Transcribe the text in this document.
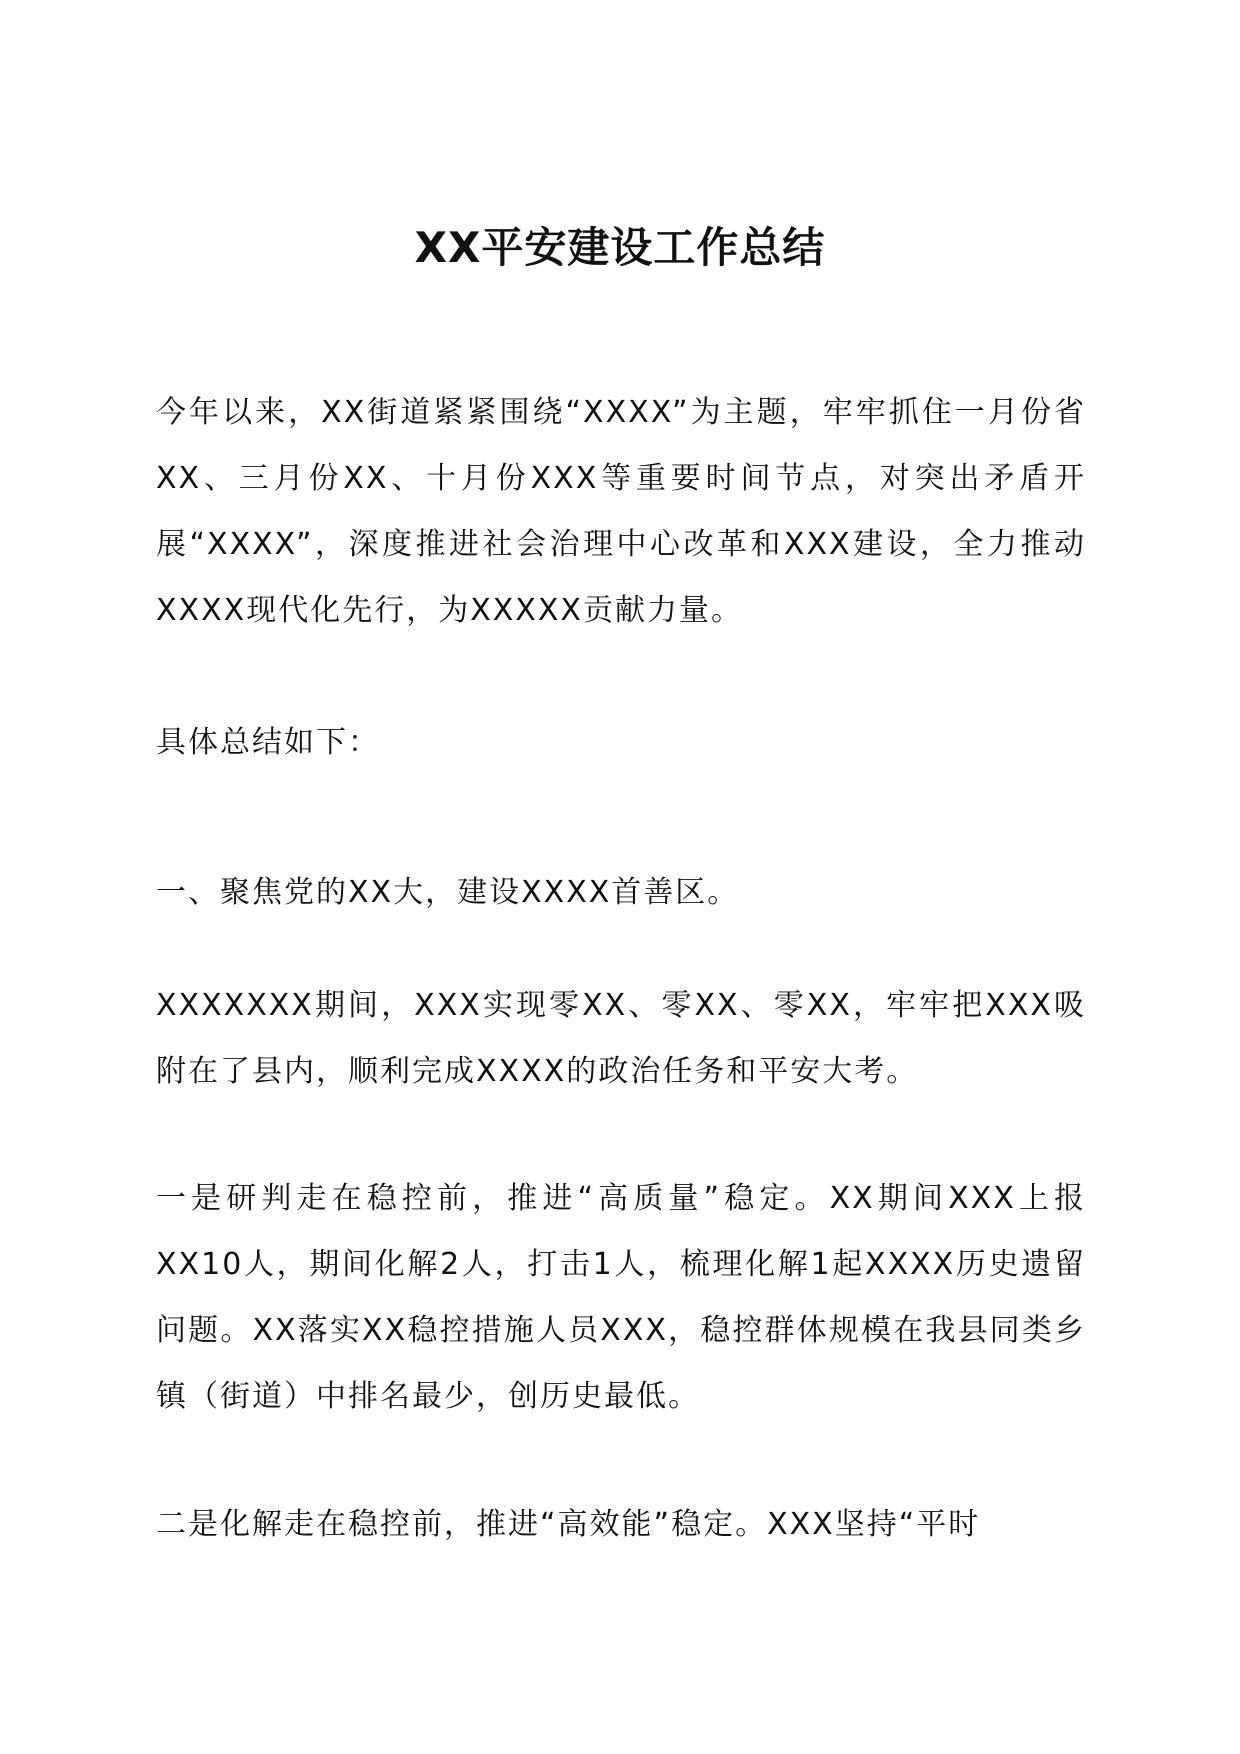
XX平安建设工作总结

今年以来，XX街道紧紧围绕“XXXX”为主题，牢牢抓住一月份省XX、三月份XX、十月份XXX等重要时间节点，对突出矛盾开展“XXXX”，深度推进社会治理中心改革和XXX建设，全力推动XXXX现代化先行，为XXXXX贡献力量。

具体总结如下：

一、聚焦党的XX大，建设XXXX首善区。

XXXXXXX期间，XXX实现零XX、零XX、零XX，牢牢把XXX吸附在了县内，顺利完成XXXX的政治任务和平安大考。

一是研判走在稳控前，推进“高质量”稳定。XX期间XXX上报XX10人，期间化解2人，打击1人，梳理化解1起XXXX历史遗留问题。XX落实XX稳控措施人员XXX，稳控群体规模在我县同类乡镇（街道）中排名最少，创历史最低。

二是化解走在稳控前，推进“高效能”稳定。XXX坚持“平时
